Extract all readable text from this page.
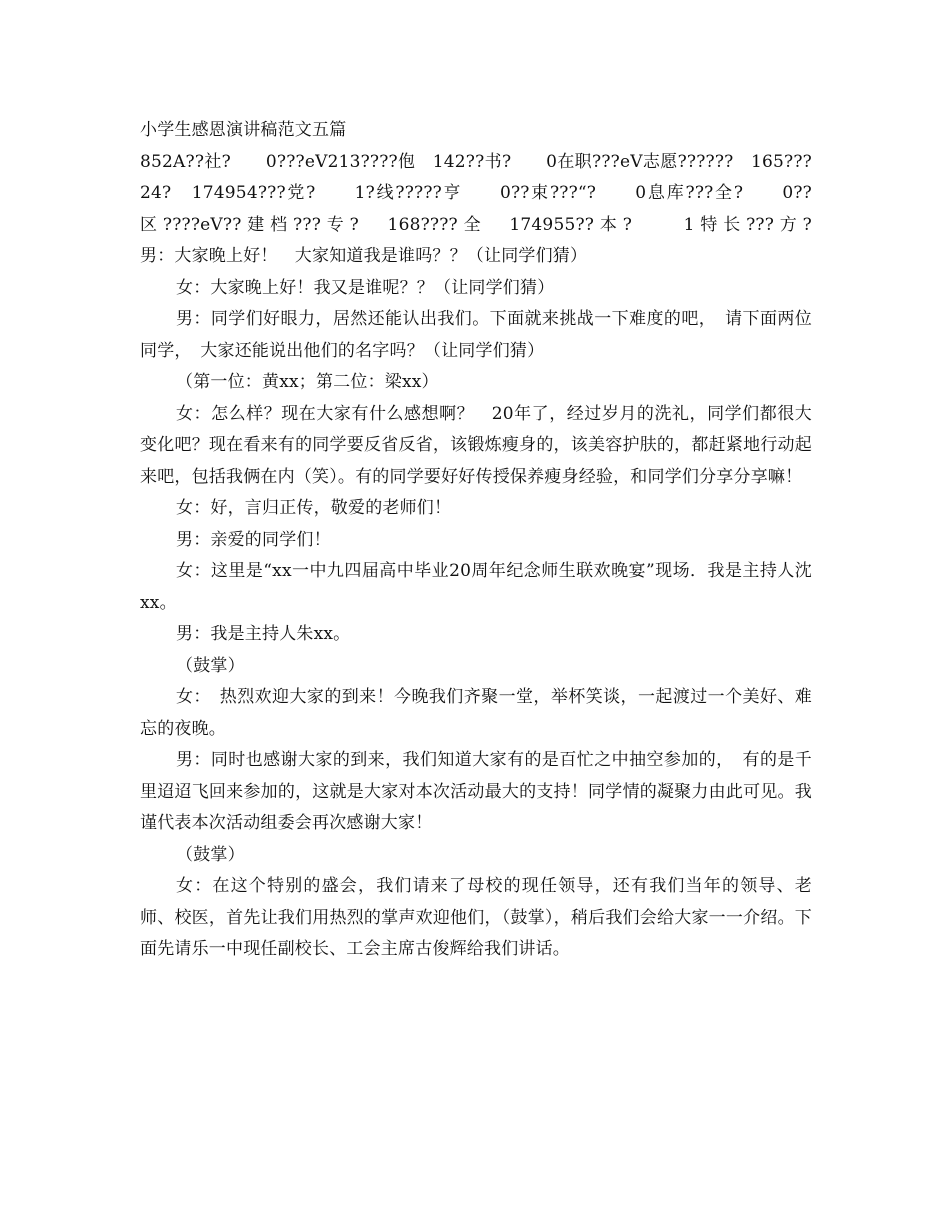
小学生感恩演讲稿范文五篇

852A??社?　　0???eV213????佨　142??书?　　0在职???eV志愿??????　165???24?　174954???党?　　1?线?????亨　　0??束???“?　　0息库???全?　　0??区????eV??建档???专?　168????全　174955??本?　　1特长???方?　　　　　男：大家晚上好！　大家知道我是谁吗？？（让同学们猜）

女：大家晚上好！我又是谁呢？？（让同学们猜）

男：同学们好眼力，居然还能认出我们。下面就来挑战一下难度的吧，　请下面两位同学，　大家还能说出他们的名字吗？（让同学们猜）

（第一位：黄xx；第二位：梁xx）

女：怎么样？现在大家有什么感想啊？　20年了，经过岁月的洗礼，同学们都很大变化吧？现在看来有的同学要反省反省，该锻炼瘦身的，该美容护肤的，都赶紧地行动起来吧，包括我俩在内（笑）。有的同学要好好传授保养瘦身经验，和同学们分享分享嘛！

女：好，言归正传，敬爱的老师们！

男：亲爱的同学们！

女：这里是“xx一中九四届高中毕业20周年纪念师生联欢晚宴”现场．我是主持人沈xx。

男：我是主持人朱xx。

（鼓掌）

女：　热烈欢迎大家的到来！今晚我们齐聚一堂，举杯笑谈，一起渡过一个美好、难忘的夜晚。

男：同时也感谢大家的到来，我们知道大家有的是百忙之中抽空参加的，　有的是千里迢迢飞回来参加的，这就是大家对本次活动最大的支持！同学情的凝聚力由此可见。我谨代表本次活动组委会再次感谢大家！

（鼓掌）

女：在这个特别的盛会，我们请来了母校的现任领导，还有我们当年的领导、老师、校医，首先让我们用热烈的掌声欢迎他们，（鼓掌），稍后我们会给大家一一介绍。下面先请乐一中现任副校长、工会主席古俊辉给我们讲话。
